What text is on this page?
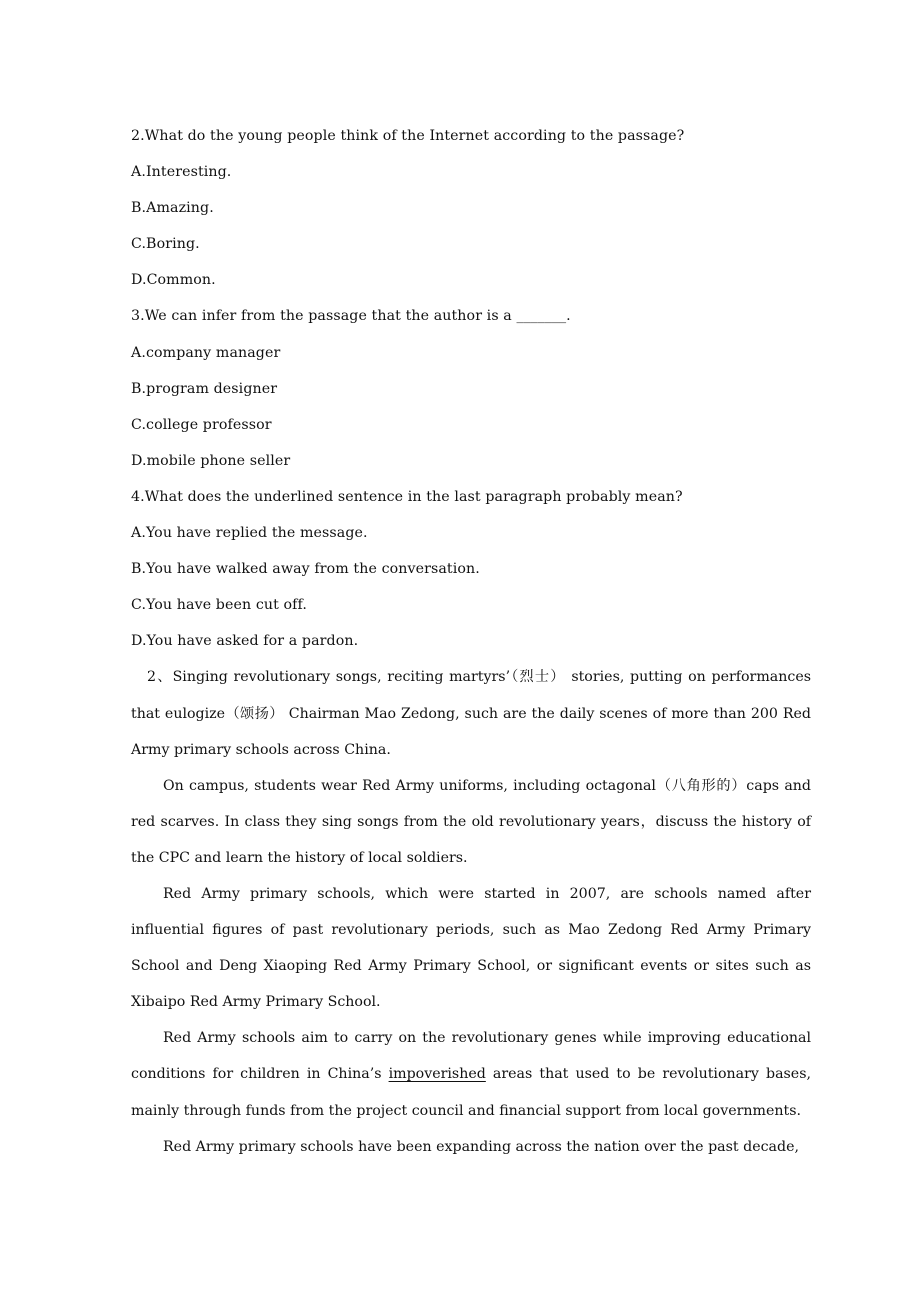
2.What do the young people think of the Internet according to the passage?
A.Interesting.
B.Amazing.
C.Boring.
D.Common.
3.We can infer from the passage that the author is a _______.
A.company manager
B.program designer
C.college professor
D.mobile phone seller
4.What does the underlined sentence in the last paragraph probably mean?
A.You have replied the message.
B.You have walked away from the conversation.
C.You have been cut off.
D.You have asked for a pardon.

2、Singing revolutionary songs, reciting martyrs’（烈士） stories, putting on performances that eulogize（颂扬） Chairman Mao Zedong, such are the daily scenes of more than 200 Red Army primary schools across China.

On campus, students wear Red Army uniforms, including octagonal（八角形的）caps and red scarves. In class they sing songs from the old revolutionary years，discuss the history of the CPC and learn the history of local soldiers.

Red Army primary schools, which were started in 2007, are schools named after influential figures of past revolutionary periods, such as Mao Zedong Red Army Primary School and Deng Xiaoping Red Army Primary School, or significant events or sites such as Xibaipo Red Army Primary School.

Red Army schools aim to carry on the revolutionary genes while improving educational conditions for children in China’s impoverished areas that used to be revolutionary bases, mainly through funds from the project council and financial support from local governments.

Red Army primary schools have been expanding across the nation over the past decade,
